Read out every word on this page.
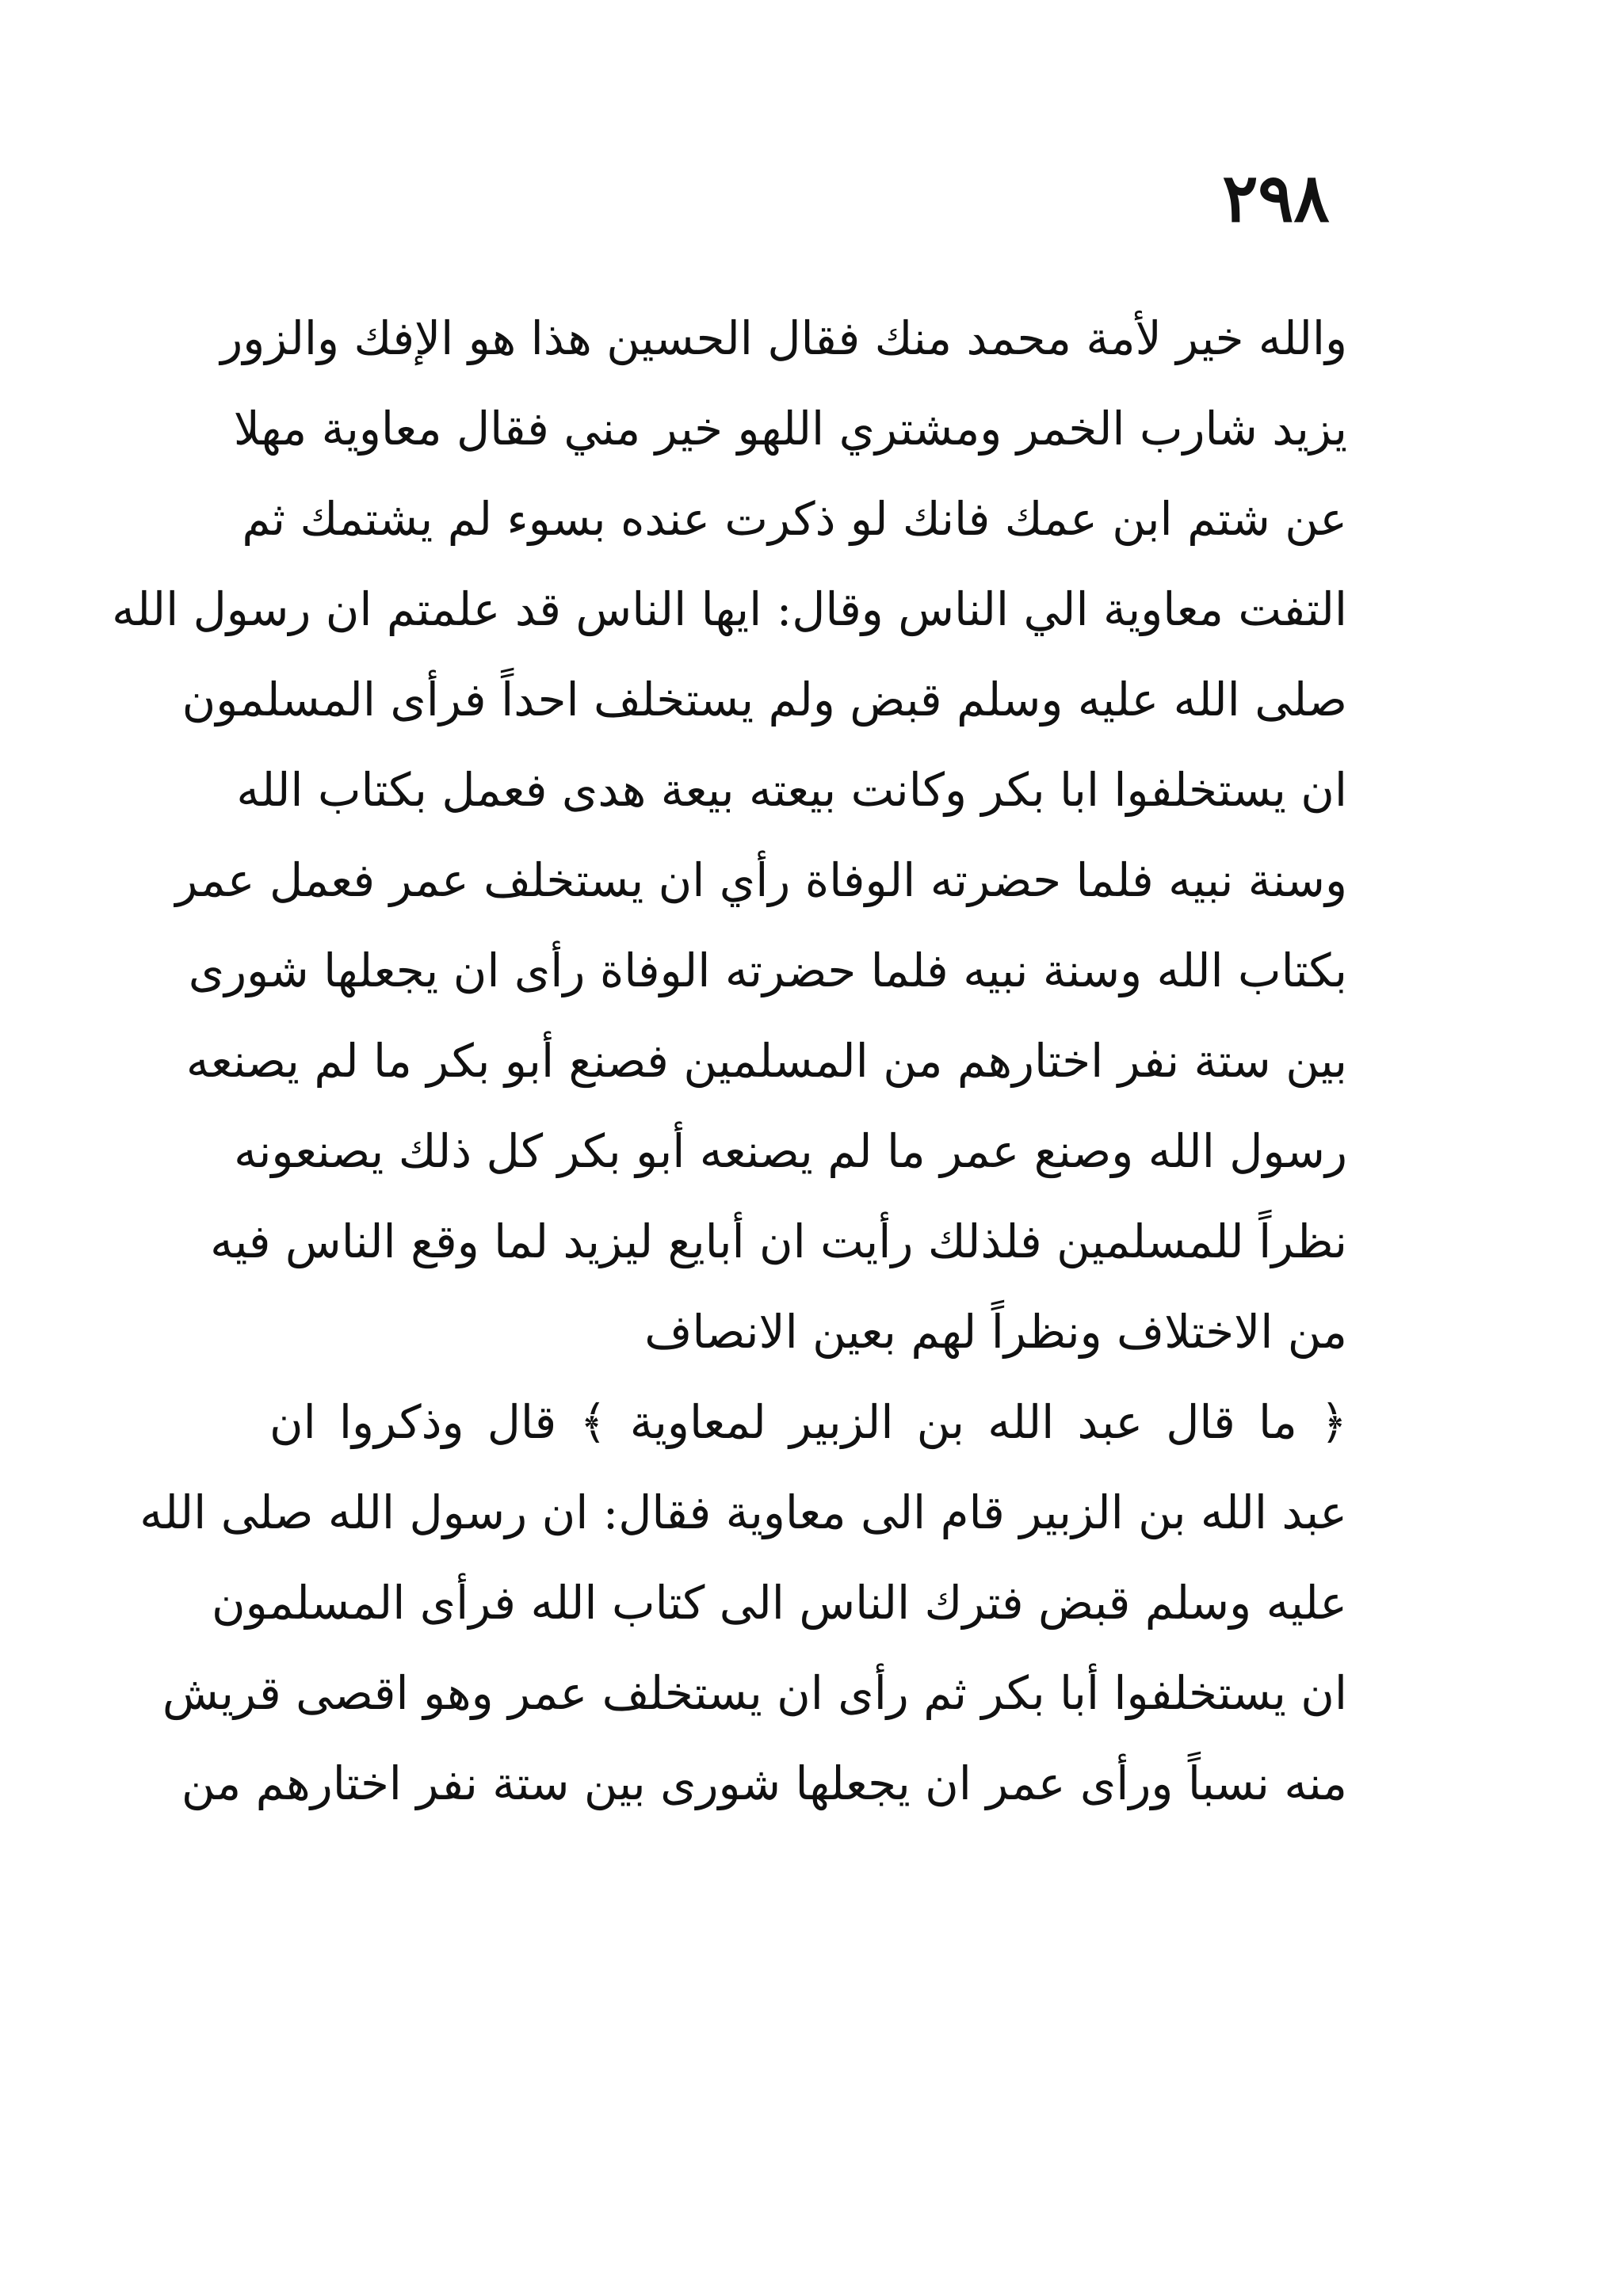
٢٩٨
والله خير لأمة محمد منك فقال الحسين هذا هو الإفك والزور
يزيد شارب الخمر ومشتري اللهو خير مني فقال معاوية مهلا
عن شتم ابن عمك فانك لو ذكرت عنده بسوء لم يشتمك ثم
التفت معاوية الي الناس وقال: ايها الناس قد علمتم ان رسول الله
صلى الله عليه وسلم قبض ولم يستخلف احداً فرأى المسلمون
ان يستخلفوا ابا بكر وكانت بيعته بيعة هدى فعمل بكتاب الله
وسنة نبيه فلما حضرته الوفاة رأي ان يستخلف عمر فعمل عمر
بكتاب الله وسنة نبيه فلما حضرته الوفاة رأى ان يجعلها شورى
بين ستة نفر اختارهم من المسلمين فصنع أبو بكر ما لم يصنعه
رسول الله وصنع عمر ما لم يصنعه أبو بكر كل ذلك يصنعونه
نظراً للمسلمين فلذلك رأيت ان أبايع ليزيد لما وقع الناس فيه
من الاختلاف ونظراً لهم بعين الانصاف
﴿ ما قال عبد الله بن الزبير لمعاوية ﴾ قال وذكروا ان
عبد الله بن الزبير قام الى معاوية فقال: ان رسول الله صلى الله
عليه وسلم قبض فترك الناس الى كتاب الله فرأى المسلمون
ان يستخلفوا أبا بكر ثم رأى ان يستخلف عمر وهو اقصى قريش
منه نسباً ورأى عمر ان يجعلها شورى بين ستة نفر اختارهم من
